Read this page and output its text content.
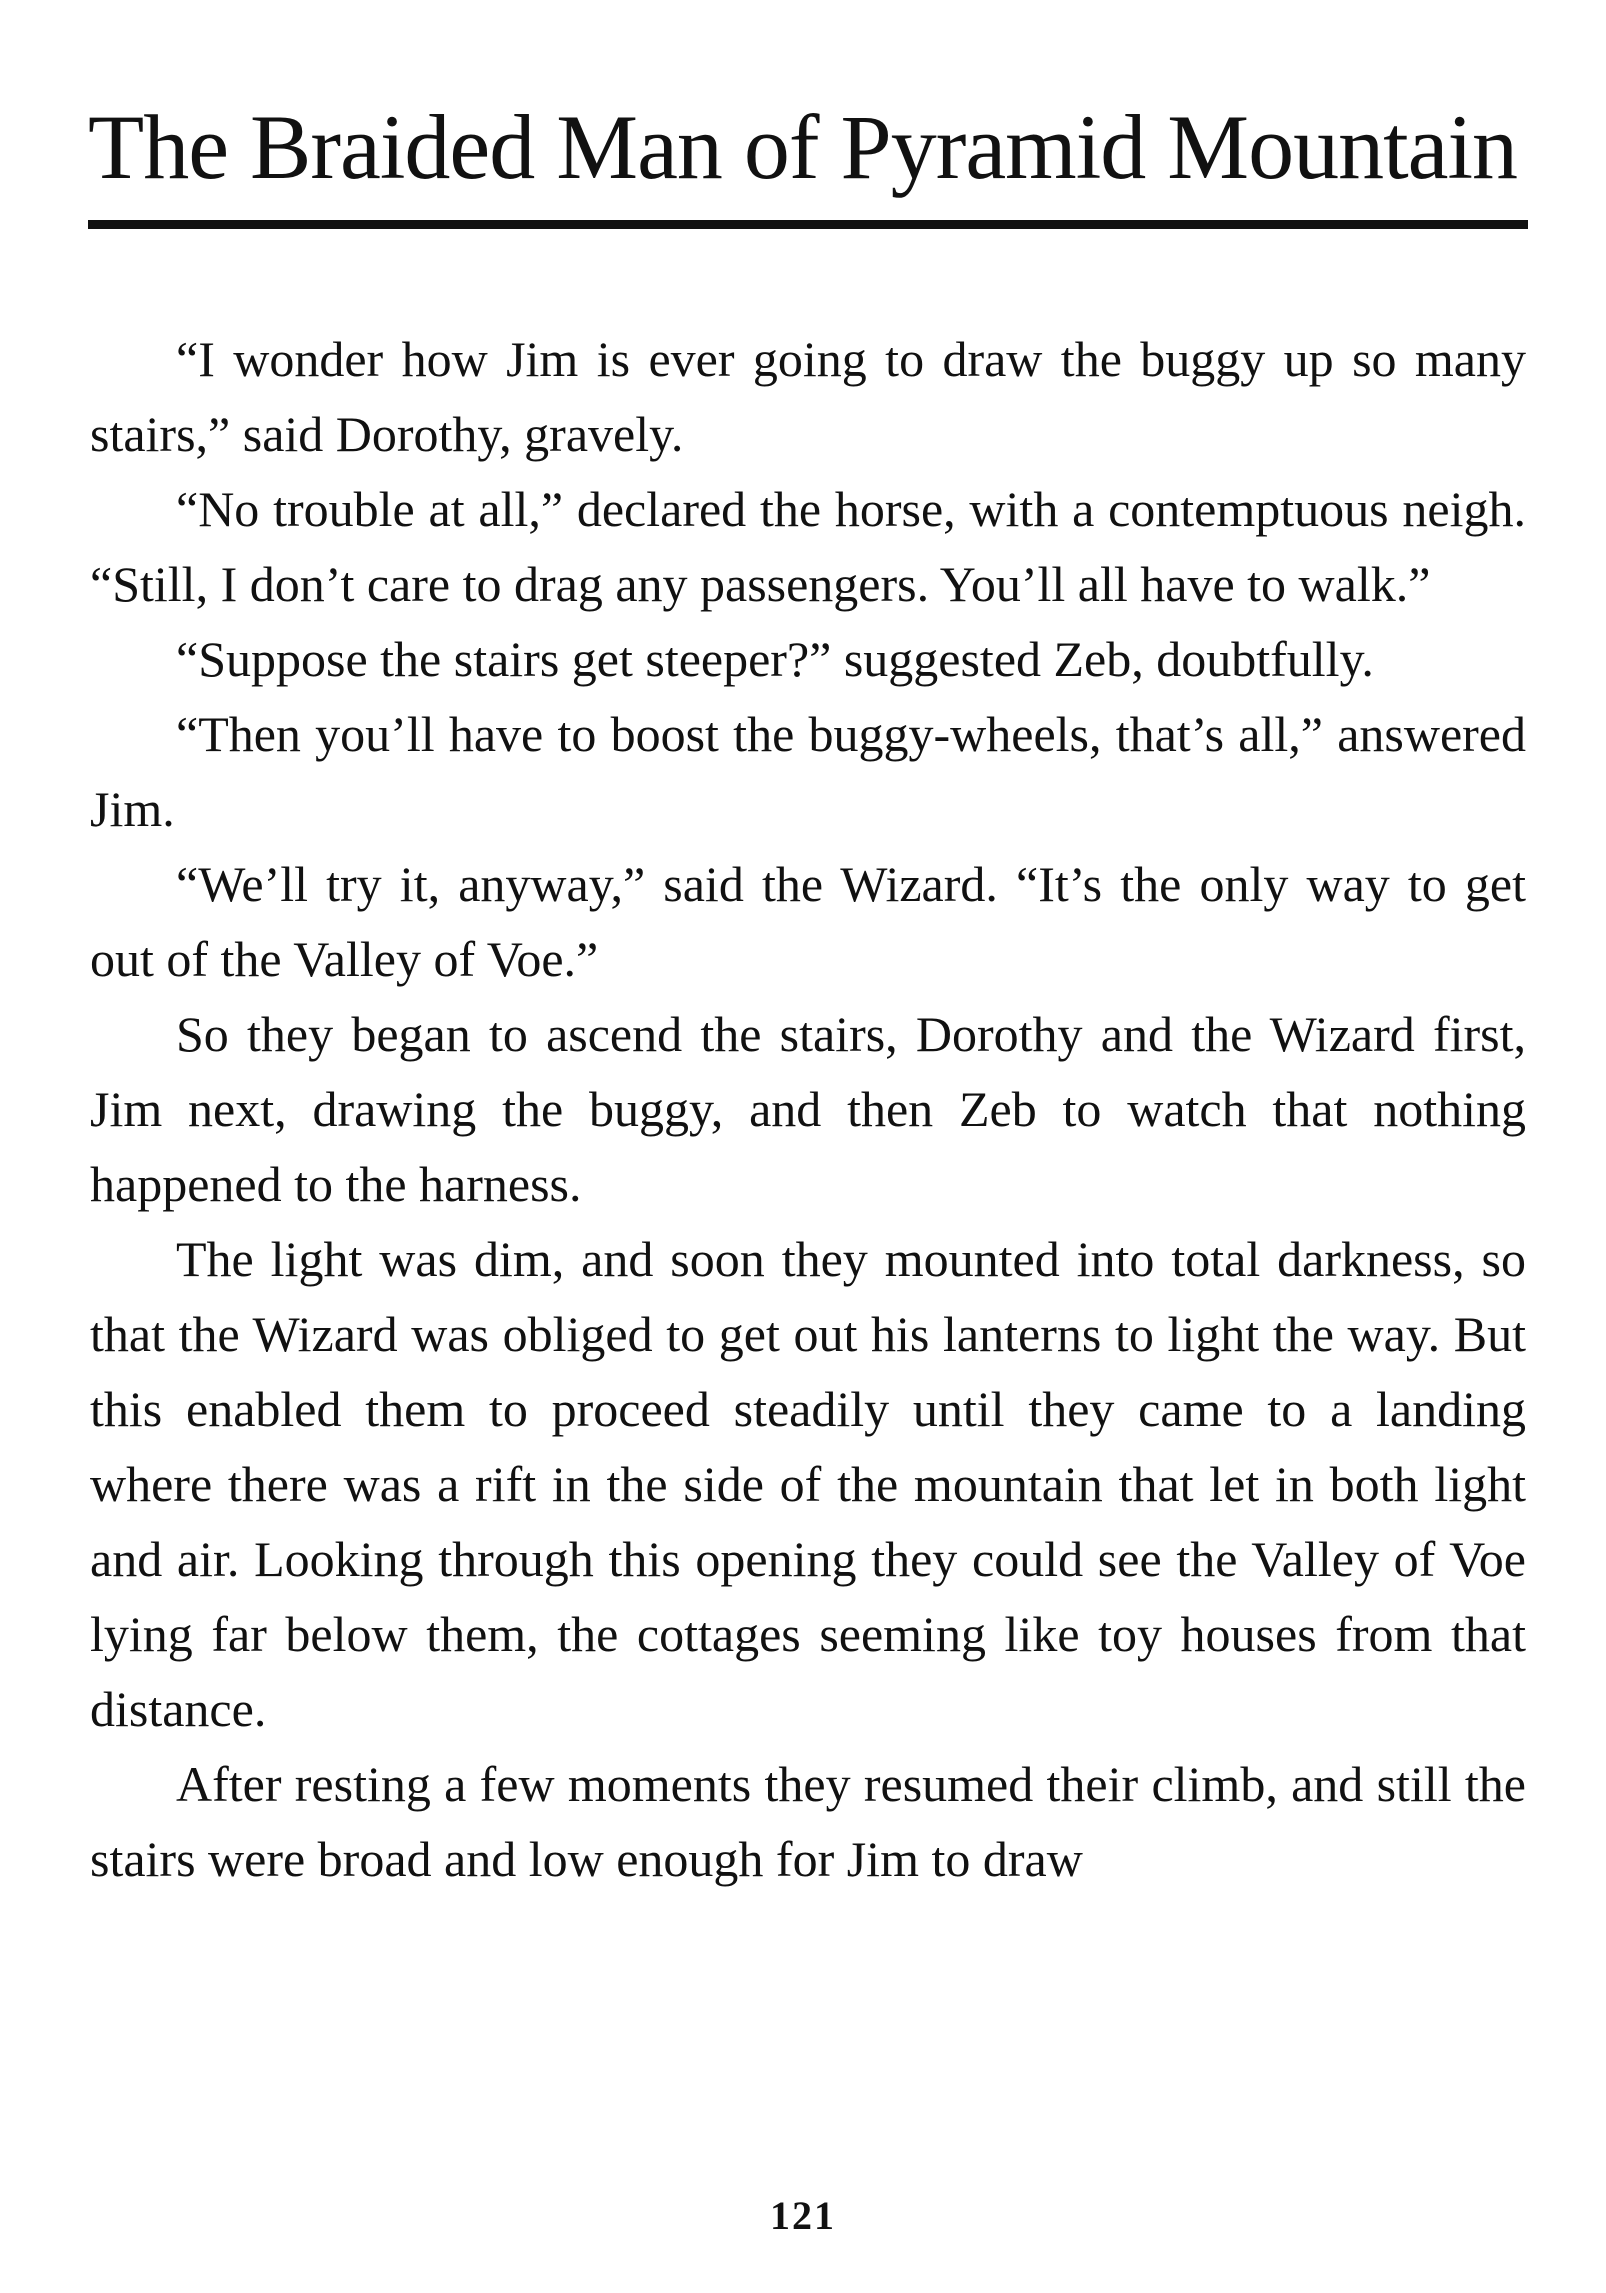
The Braided Man of Pyramid Mountain

“I wonder how Jim is ever going to draw the buggy up so many stairs,” said Dorothy, gravely.

“No trouble at all,” declared the horse, with a contemptuous neigh. “Still, I don’t care to drag any passengers. You’ll all have to walk.”

“Suppose the stairs get steeper?” suggested Zeb, doubtfully.

“Then you’ll have to boost the buggy-wheels, that’s all,” answered Jim.

“We’ll try it, anyway,” said the Wizard. “It’s the only way to get out of the Valley of Voe.”

So they began to ascend the stairs, Dorothy and the Wizard first, Jim next, drawing the buggy, and then Zeb to watch that nothing happened to the harness.

The light was dim, and soon they mounted into total darkness, so that the Wizard was obliged to get out his lanterns to light the way. But this enabled them to proceed steadily until they came to a landing where there was a rift in the side of the mountain that let in both light and air. Looking through this opening they could see the Valley of Voe lying far below them, the cottages seeming like toy houses from that distance.

After resting a few moments they resumed their climb, and still the stairs were broad and low enough for Jim to draw

121
